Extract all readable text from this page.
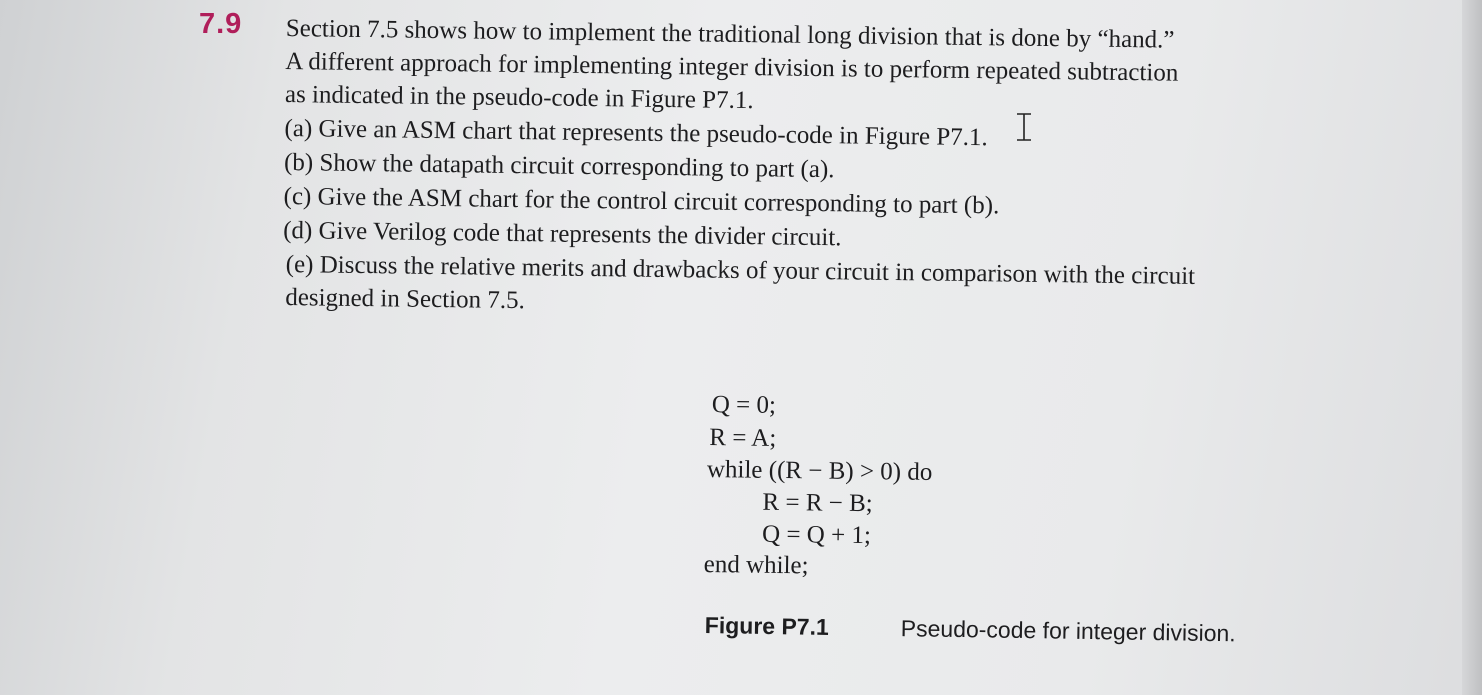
7.9 Section 7.5 shows how to implement the traditional long division that is done by “hand.”
A different approach for implementing integer division is to perform repeated subtraction
as indicated in the pseudo-code in Figure P7.1.
(a) Give an ASM chart that represents the pseudo-code in Figure P7.1.
(b) Show the datapath circuit corresponding to part (a).
(c) Give the ASM chart for the control circuit corresponding to part (b).
(d) Give Verilog code that represents the divider circuit.
(e) Discuss the relative merits and drawbacks of your circuit in comparison with the circuit
designed in Section 7.5.
Q = 0;
R = A;
while ((R − B) > 0) do
R = R − B;
Q = Q + 1;
end while;
Figure P7.1	Pseudo-code for integer division.
